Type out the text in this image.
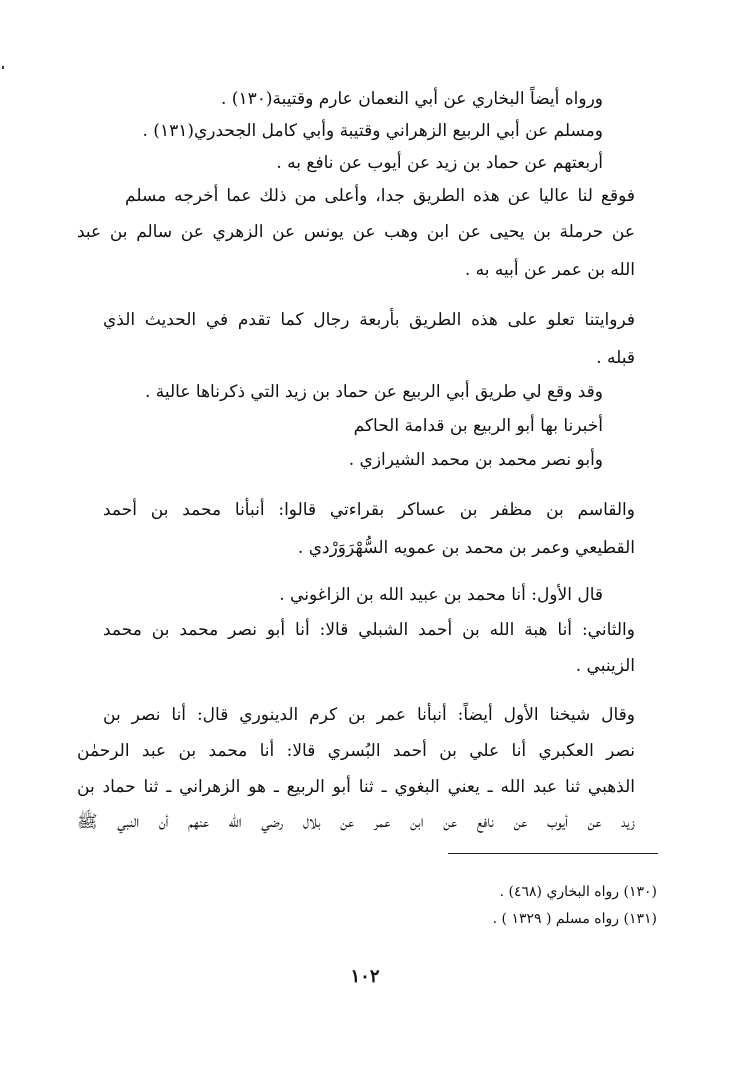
ورواه أيضاً البخاري عن أبي النعمان عارم وقتيبة(١٣٠) .
ومسلم عن أبي الربيع الزهراني وقتيبة وأبي كامل الجحدري(١٣١) .
أربعتهم عن حماد بن زيد عن أيوب عن نافع به .
فوقع لنا عاليا عن هذه الطريق جدا، وأعلى من ذلك عما أخرجه مسلم
عن حرملة بن يحيى عن ابن وهب عن يونس عن الزهري عن سالم بن عبد
الله بن عمر عن أبيه به .
فروايتنا تعلو على هذه الطريق بأربعة رجال كما تقدم في الحديث الذي
قبله .
وقد وقع لي طريق أبي الربيع عن حماد بن زيد التي ذكرناها عالية .
أخبرنا بها أبو الربيع بن قدامة الحاكم
وأبو نصر محمد بن محمد الشيرازي .
والقاسم بن مظفر بن عساكر بقراءتي قالوا: أنبأنا محمد بن أحمد
القطيعي وعمر بن محمد بن عمويه السُّهْرَوَرْدي .
قال الأول: أنا محمد بن عبيد الله بن الزاغوني .
والثاني: أنا هبة الله بن أحمد الشبلي قالا: أنا أبو نصر محمد بن محمد
الزينبي .
وقال شيخنا الأول أيضاً: أنبأنا عمر بن كرم الدينوري قال: أنا نصر بن
نصر العكبري أنا علي بن أحمد البُسري قالا: أنا محمد بن عبد الرحمٰن
الذهبي ثنا عبد الله ـ يعني البغوي ـ ثنا أبو الربيع ـ هو الزهراني ـ ثنا حماد بن
زيد عن أيوب عن نافع عن ابن عمر عن بلال رضي الله عنهم أن النبي ﷺ
(١٣٠) رواه البخاري (٤٦٨) .
(١٣١) رواه مسلم ( ١٣٢٩ ) .
١٠٢
